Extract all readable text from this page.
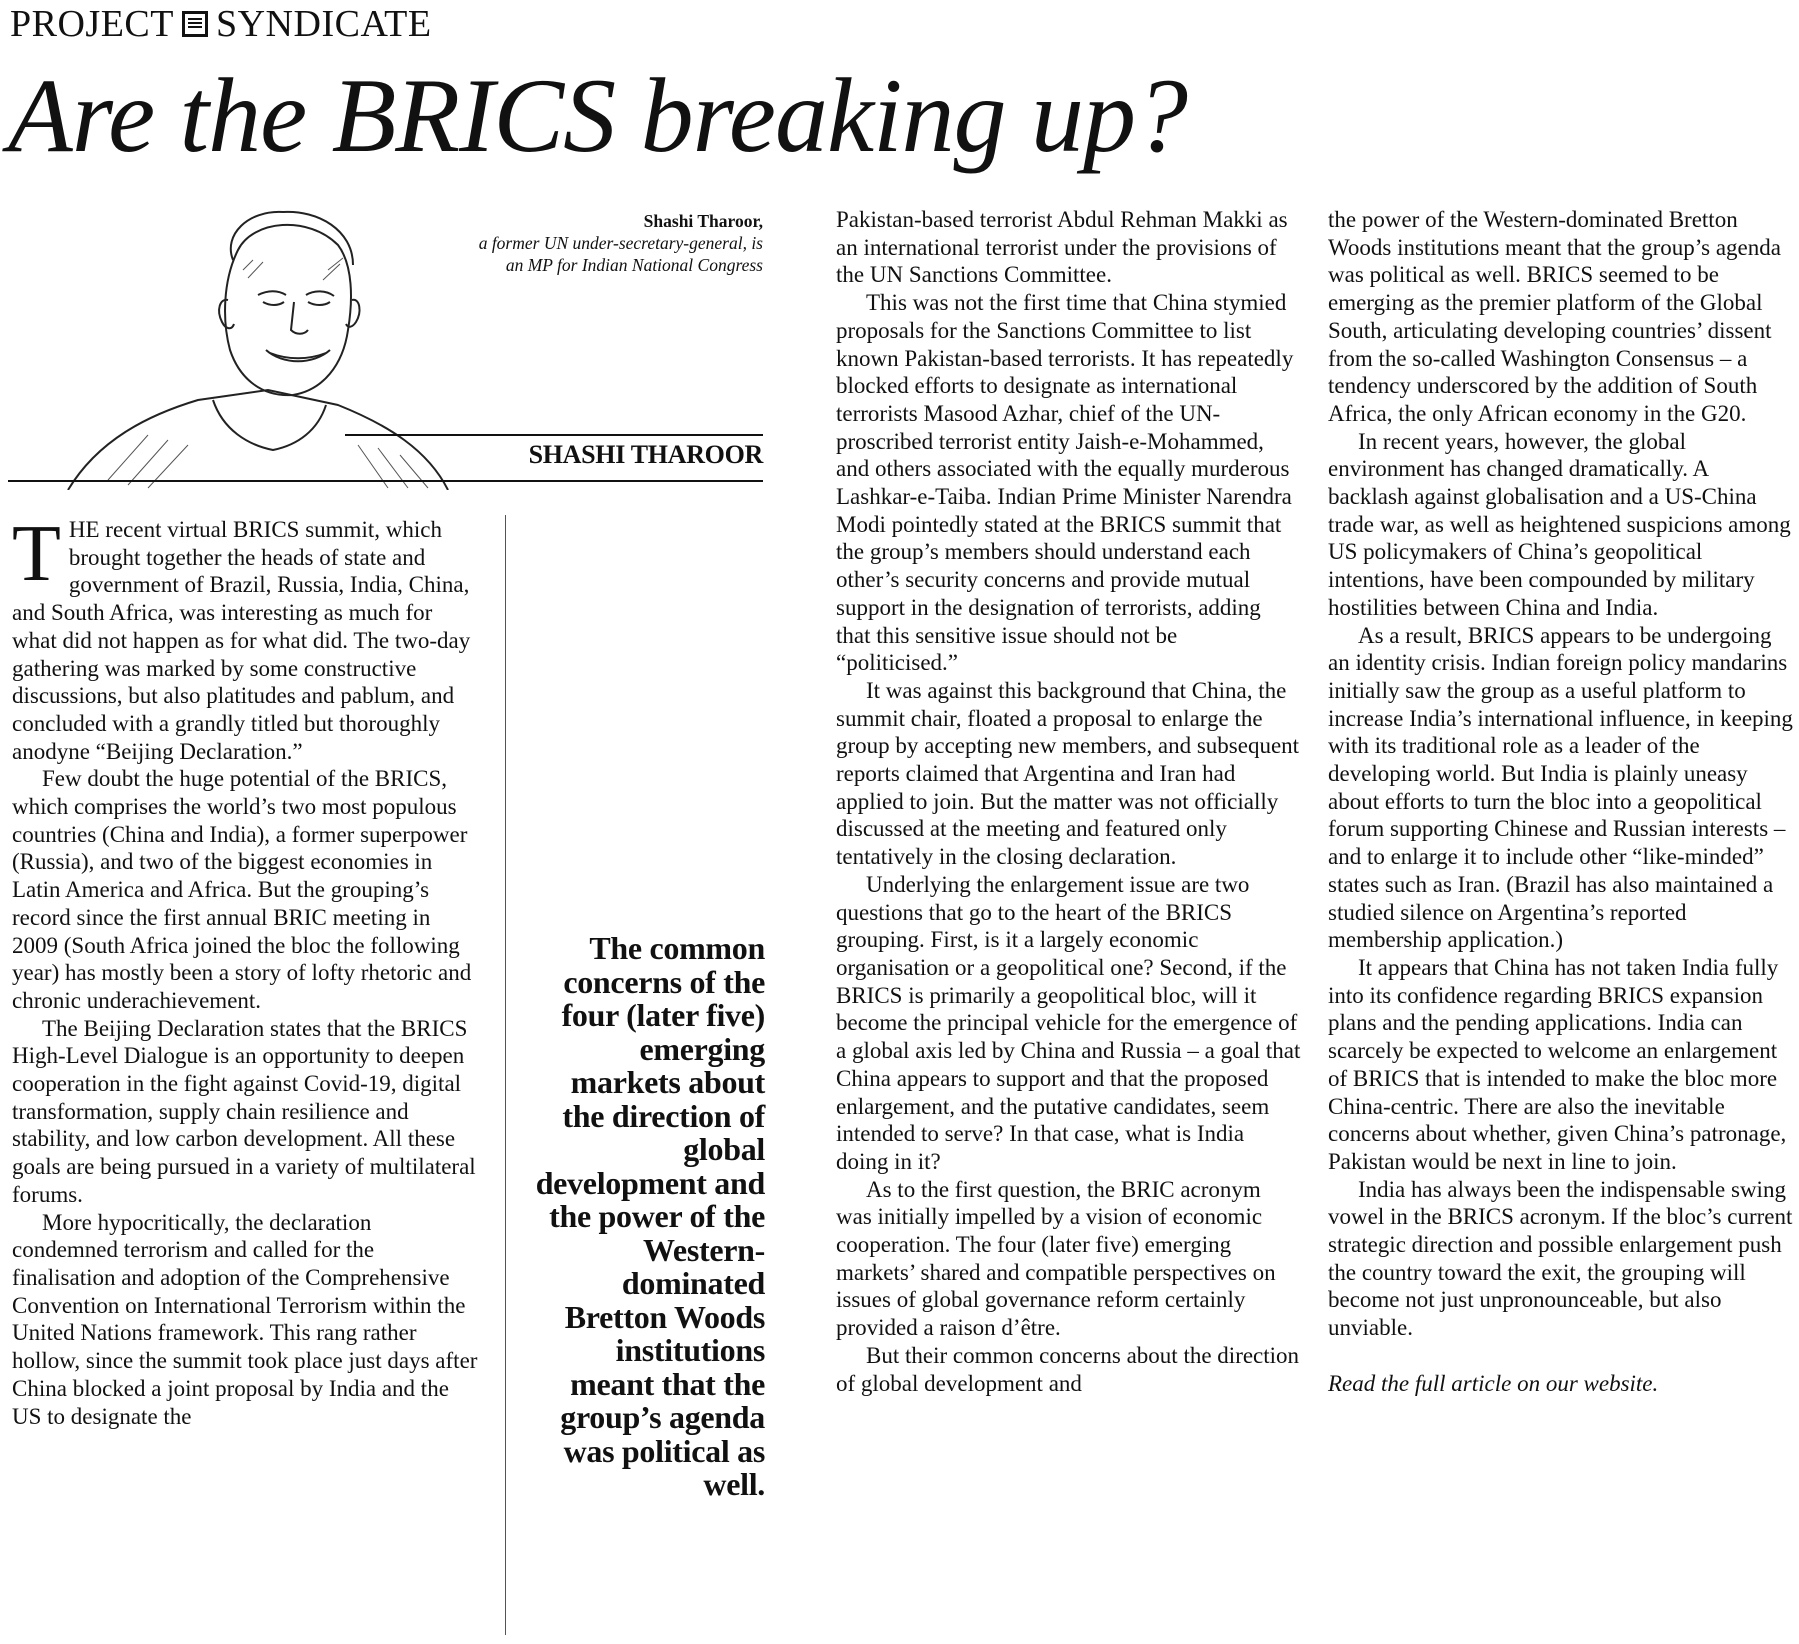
PROJECT SYNDICATE
Are the BRICS breaking up?
Shashi Tharoor,
a former UN under-secretary-general, is an MP for Indian National Congress
SHASHI THAROOR

THE recent virtual BRICS summit, which brought together the heads of state and government of Brazil, Russia, India, China, and South Africa, was interesting as much for what did not happen as for what did. The two-day gathering was marked by some constructive discussions, but also platitudes and pablum, and concluded with a grandly titled but thoroughly anodyne “Beijing Declaration.”

Few doubt the huge potential of the BRICS, which comprises the world’s two most populous countries (China and India), a former superpower (Russia), and two of the biggest economies in Latin America and Africa. But the grouping’s record since the first annual BRIC meeting in 2009 (South Africa joined the bloc the following year) has mostly been a story of lofty rhetoric and chronic underachievement.

The Beijing Declaration states that the BRICS High-Level Dialogue is an opportunity to deepen cooperation in the fight against Covid-19, digital transformation, supply chain resilience and stability, and low carbon development. All these goals are being pursued in a variety of multilateral forums.

More hypocritically, the declaration condemned terrorism and called for the finalisation and adoption of the Comprehensive Convention on International Terrorism within the United Nations framework. This rang rather hollow, since the summit took place just days after China blocked a joint proposal by India and the US to designate the

The common concerns of the four (later five) emerging markets about the direction of global development and the power of the Western-dominated Bretton Woods institutions meant that the group’s agenda was political as well.

Pakistan-based terrorist Abdul Rehman Makki as an international terrorist under the provisions of the UN Sanctions Committee.

This was not the first time that China stymied proposals for the Sanctions Committee to list known Pakistan-based terrorists. It has repeatedly blocked efforts to designate as international terrorists Masood Azhar, chief of the UN-proscribed terrorist entity Jaish-e-Mohammed, and others associated with the equally murderous Lashkar-e-Taiba. Indian Prime Minister Narendra Modi pointedly stated at the BRICS summit that the group’s members should understand each other’s security concerns and provide mutual support in the designation of terrorists, adding that this sensitive issue should not be “politicised.”

It was against this background that China, the summit chair, floated a proposal to enlarge the group by accepting new members, and subsequent reports claimed that Argentina and Iran had applied to join. But the matter was not officially discussed at the meeting and featured only tentatively in the closing declaration.

Underlying the enlargement issue are two questions that go to the heart of the BRICS grouping. First, is it a largely economic organisation or a geopolitical one? Second, if the BRICS is primarily a geopolitical bloc, will it become the principal vehicle for the emergence of a global axis led by China and Russia – a goal that China appears to support and that the proposed enlargement, and the putative candidates, seem intended to serve? In that case, what is India doing in it?

As to the first question, the BRIC acronym was initially impelled by a vision of economic cooperation. The four (later five) emerging markets’ shared and compatible perspectives on issues of global governance reform certainly provided a raison d’être.

But their common concerns about the direction of global development and

the power of the Western-dominated Bretton Woods institutions meant that the group’s agenda was political as well. BRICS seemed to be emerging as the premier platform of the Global South, articulating developing countries’ dissent from the so-called Washington Consensus – a tendency underscored by the addition of South Africa, the only African economy in the G20.

In recent years, however, the global environment has changed dramatically. A backlash against globalisation and a US-China trade war, as well as heightened suspicions among US policymakers of China’s geopolitical intentions, have been compounded by military hostilities between China and India.

As a result, BRICS appears to be undergoing an identity crisis. Indian foreign policy mandarins initially saw the group as a useful platform to increase India’s international influence, in keeping with its traditional role as a leader of the developing world. But India is plainly uneasy about efforts to turn the bloc into a geopolitical forum supporting Chinese and Russian interests – and to enlarge it to include other “like-minded” states such as Iran. (Brazil has also maintained a studied silence on Argentina’s reported membership application.)

It appears that China has not taken India fully into its confidence regarding BRICS expansion plans and the pending applications. India can scarcely be expected to welcome an enlargement of BRICS that is intended to make the bloc more China-centric. There are also the inevitable concerns about whether, given China’s patronage, Pakistan would be next in line to join.

India has always been the indispensable swing vowel in the BRICS acronym. If the bloc’s current strategic direction and possible enlargement push the country toward the exit, the grouping will become not just unpronounceable, but also unviable.

Read the full article on our website.
